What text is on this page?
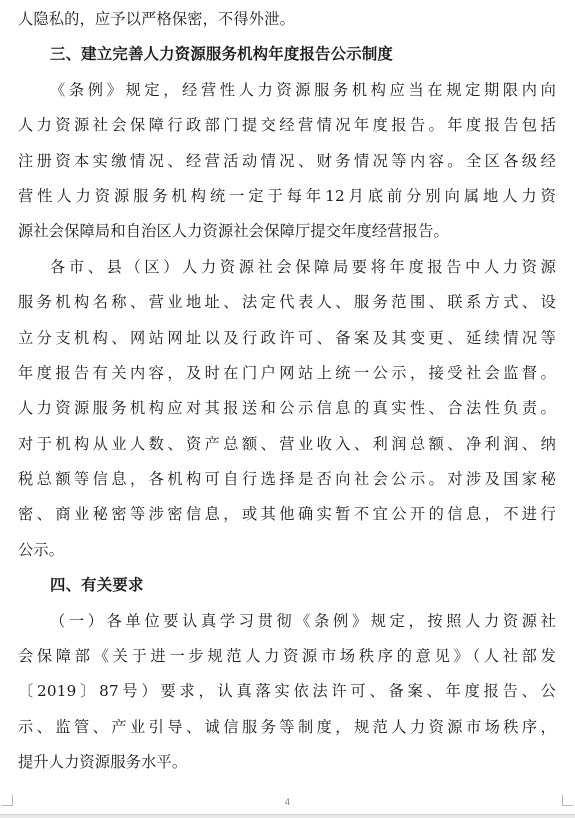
人隐私的，应予以严格保密，不得外泄。
三、建立完善人力资源服务机构年度报告公示制度
《条例》规定，经营性人力资源服务机构应当在规定期限内向
人力资源社会保障行政部门提交经营情况年度报告。年度报告包括
注册资本实缴情况、经营活动情况、财务情况等内容。全区各级经
营性人力资源服务机构统一定于每年12月底前分别向属地人力资
源社会保障局和自治区人力资源社会保障厅提交年度经营报告。
各市、县（区）人力资源社会保障局要将年度报告中人力资源
服务机构名称、营业地址、法定代表人、服务范围、联系方式、设
立分支机构、网站网址以及行政许可、备案及其变更、延续情况等
年度报告有关内容，及时在门户网站上统一公示，接受社会监督。
人力资源服务机构应对其报送和公示信息的真实性、合法性负责。
对于机构从业人数、资产总额、营业收入、利润总额、净利润、纳
税总额等信息，各机构可自行选择是否向社会公示。对涉及国家秘
密、商业秘密等涉密信息，或其他确实暂不宜公开的信息，不进行
公示。
四、有关要求
（一）各单位要认真学习贯彻《条例》规定，按照人力资源社
会保障部《关于进一步规范人力资源市场秩序的意见》（人社部发
〔2019〕87号）要求，认真落实依法许可、备案、年度报告、公
示、监管、产业引导、诚信服务等制度，规范人力资源市场秩序，
提升人力资源服务水平。
4
